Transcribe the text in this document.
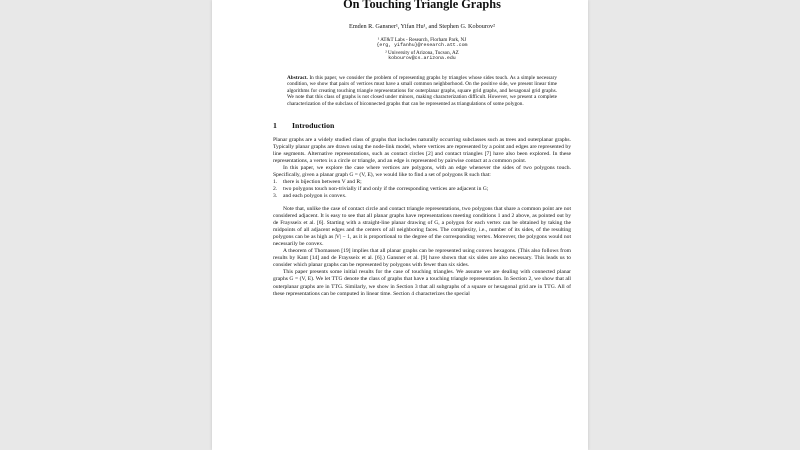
On Touching Triangle Graphs
Emden R. Gansner¹, Yifan Hu¹, and Stephen G. Kobourov²
¹ AT&T Labs - Research, Florham Park, NJ
{erg, yifanhu}@research.att.com
² University of Arizona, Tucson, AZ
kobourov@cs.arizona.edu
Abstract. In this paper, we consider the problem of representing graphs by triangles whose sides touch. As a simple necessary condition, we show that pairs of vertices must have a small common neighborhood. On the positive side, we present linear time algorithms for creating touching triangle representations for outerplanar graphs, square grid graphs, and hexagonal grid graphs. We note that this class of graphs is not closed under minors, making characterization difficult. However, we present a complete characterization of the subclass of biconnected graphs that can be represented as triangulations of some polygon.
1 Introduction

Planar graphs are a widely studied class of graphs that includes naturally occurring subclasses such as trees and outerplanar graphs. Typically planar graphs are drawn using the node-link model, where vertices are represented by a point and edges are represented by line segments. Alternative representations, such as contact circles [2] and contact triangles [7] have also been explored. In these representations, a vertex is a circle or triangle, and an edge is represented by pairwise contact at a common point.

In this paper, we explore the case where vertices are polygons, with an edge whenever the sides of two polygons touch. Specifically, given a planar graph G = (V, E), we would like to find a set of polygons R such that:

1. there is bijection between V and R;
2. two polygons touch non-trivially if and only if the corresponding vertices are adjacent in G;
3. and each polygon is convex.

Note that, unlike the case of contact circle and contact triangle representations, two polygons that share a common point are not considered adjacent. It is easy to see that all planar graphs have representations meeting conditions 1 and 2 above, as pointed out by de Fraysseix et al. [6]. Starting with a straight-line planar drawing of G, a polygon for each vertex can be obtained by taking the midpoints of all adjacent edges and the centers of all neighboring faces. The complexity, i.e., number of its sides, of the resulting polygons can be as high as |V| − 1, as it is proportional to the degree of the corresponding vertex. Moreover, the polygons would not necessarily be convex.

A theorem of Thomassen [19] implies that all planar graphs can be represented using convex hexagons. (This also follows from results by Kant [14] and de Fraysseix et al. [6].) Gansner et al. [9] have shown that six sides are also necessary. This leads us to consider which planar graphs can be represented by polygons with fewer than six sides.

This paper presents some initial results for the case of touching triangles. We assume we are dealing with connected planar graphs G = (V, E). We let TTG denote the class of graphs that have a touching triangle representation. In Section 2, we show that all outerplanar graphs are in TTG. Similarly, we show in Section 3 that all subgraphs of a square or hexagonal grid are in TTG. All of these representations can be computed in linear time. Section 4 characterizes the special
